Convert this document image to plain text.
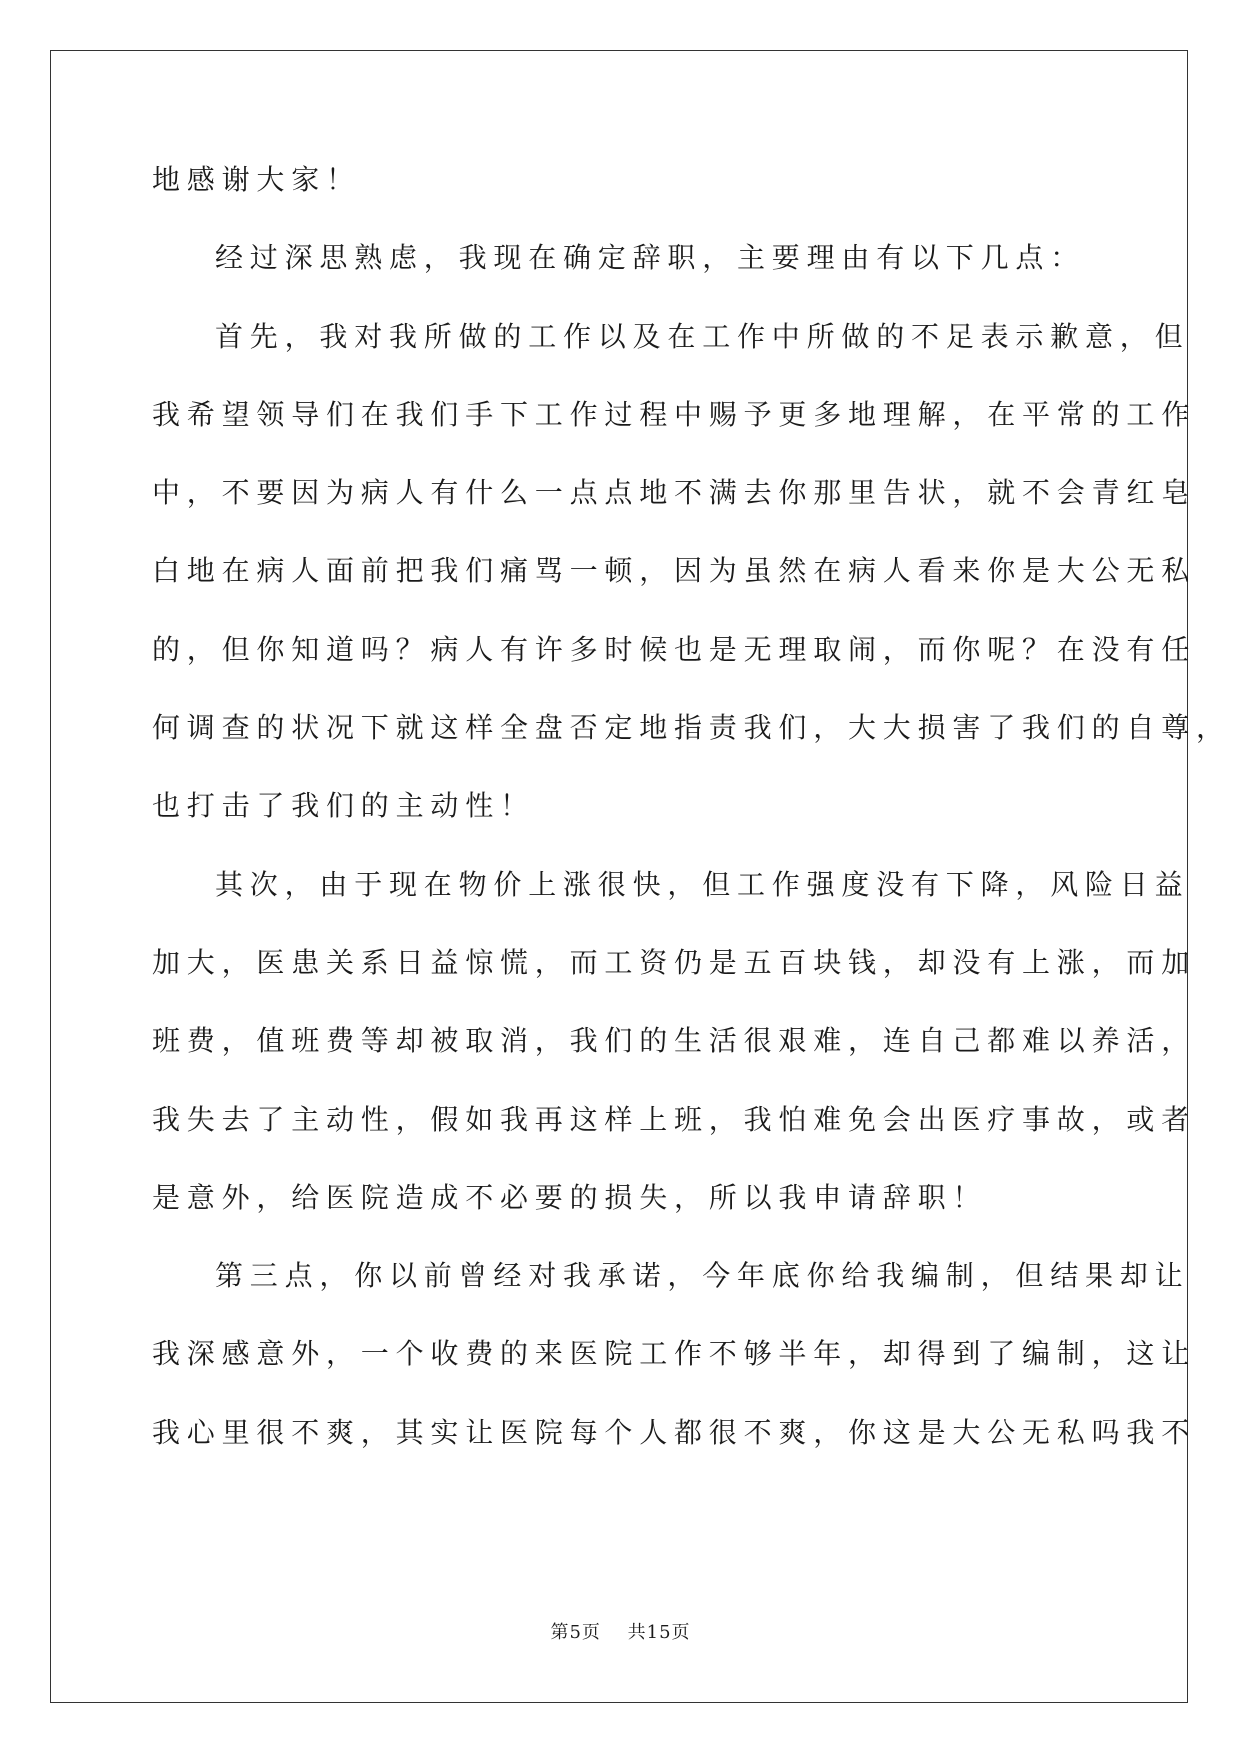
地感谢大家！
经过深思熟虑，我现在确定辞职，主要理由有以下几点：
首先，我对我所做的工作以及在工作中所做的不足表示歉意，但
我希望领导们在我们手下工作过程中赐予更多地理解，在平常的工作
中，不要因为病人有什么一点点地不满去你那里告状，就不会青红皂
白地在病人面前把我们痛骂一顿，因为虽然在病人看来你是大公无私
的，但你知道吗？病人有许多时候也是无理取闹，而你呢？在没有任
何调查的状况下就这样全盘否定地指责我们，大大损害了我们的自尊，
也打击了我们的主动性！
其次，由于现在物价上涨很快，但工作强度没有下降，风险日益
加大，医患关系日益惊慌，而工资仍是五百块钱，却没有上涨，而加
班费，值班费等却被取消，我们的生活很艰难，连自己都难以养活，
我失去了主动性，假如我再这样上班，我怕难免会出医疗事故，或者
是意外，给医院造成不必要的损失，所以我申请辞职！
第三点，你以前曾经对我承诺，今年底你给我编制，但结果却让
我深感意外，一个收费的来医院工作不够半年，却得到了编制，这让
我心里很不爽，其实让医院每个人都很不爽，你这是大公无私吗我不
第5页 共15页
